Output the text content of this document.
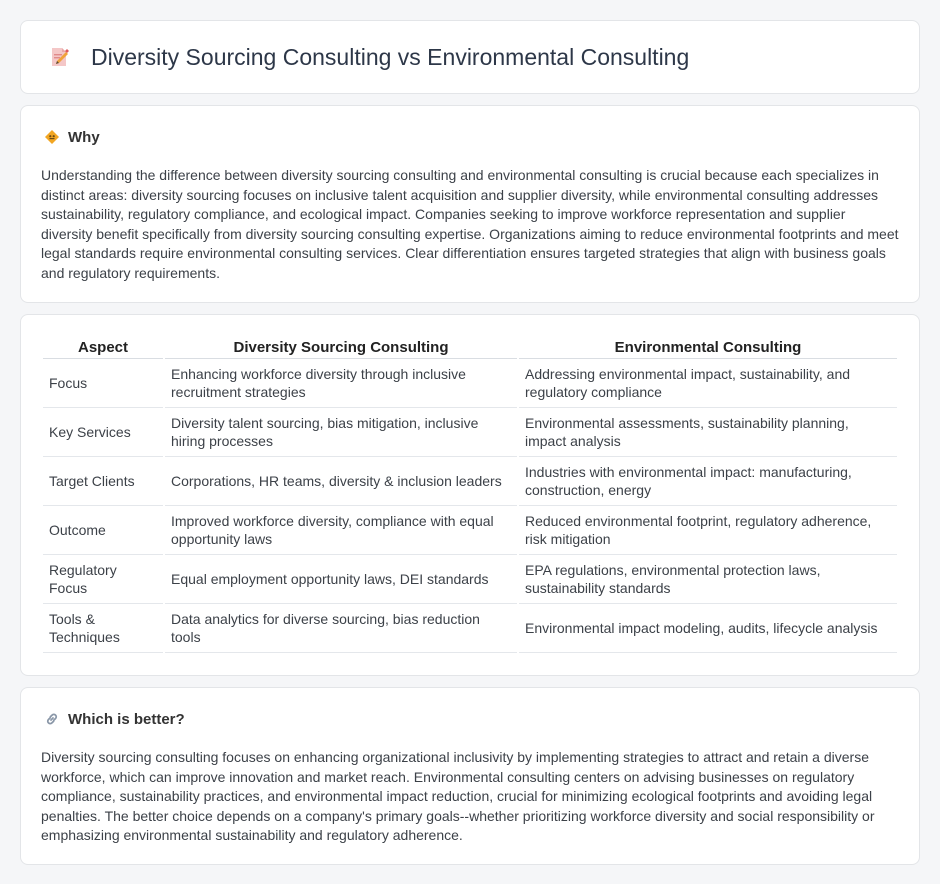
Diversity Sourcing Consulting vs Environmental Consulting
Why

Understanding the difference between diversity sourcing consulting and environmental consulting is crucial because each specializes in distinct areas: diversity sourcing focuses on inclusive talent acquisition and supplier diversity, while environmental consulting addresses sustainability, regulatory compliance, and ecological impact. Companies seeking to improve workforce representation and supplier diversity benefit specifically from diversity sourcing consulting expertise. Organizations aiming to reduce environmental footprints and meet legal standards require environmental consulting services. Clear differentiation ensures targeted strategies that align with business goals and regulatory requirements.

Aspect	Diversity Sourcing Consulting	Environmental Consulting
Focus	Enhancing workforce diversity through inclusive recruitment strategies	Addressing environmental impact, sustainability, and regulatory compliance
Key Services	Diversity talent sourcing, bias mitigation, inclusive hiring processes	Environmental assessments, sustainability planning, impact analysis
Target Clients	Corporations, HR teams, diversity & inclusion leaders	Industries with environmental impact: manufacturing, construction, energy
Outcome	Improved workforce diversity, compliance with equal opportunity laws	Reduced environmental footprint, regulatory adherence, risk mitigation
Regulatory Focus	Equal employment opportunity laws, DEI standards	EPA regulations, environmental protection laws, sustainability standards
Tools & Techniques	Data analytics for diverse sourcing, bias reduction tools	Environmental impact modeling, audits, lifecycle analysis
Which is better?

Diversity sourcing consulting focuses on enhancing organizational inclusivity by implementing strategies to attract and retain a diverse workforce, which can improve innovation and market reach. Environmental consulting centers on advising businesses on regulatory compliance, sustainability practices, and environmental impact reduction, crucial for minimizing ecological footprints and avoiding legal penalties. The better choice depends on a company's primary goals--whether prioritizing workforce diversity and social responsibility or emphasizing environmental sustainability and regulatory adherence.
